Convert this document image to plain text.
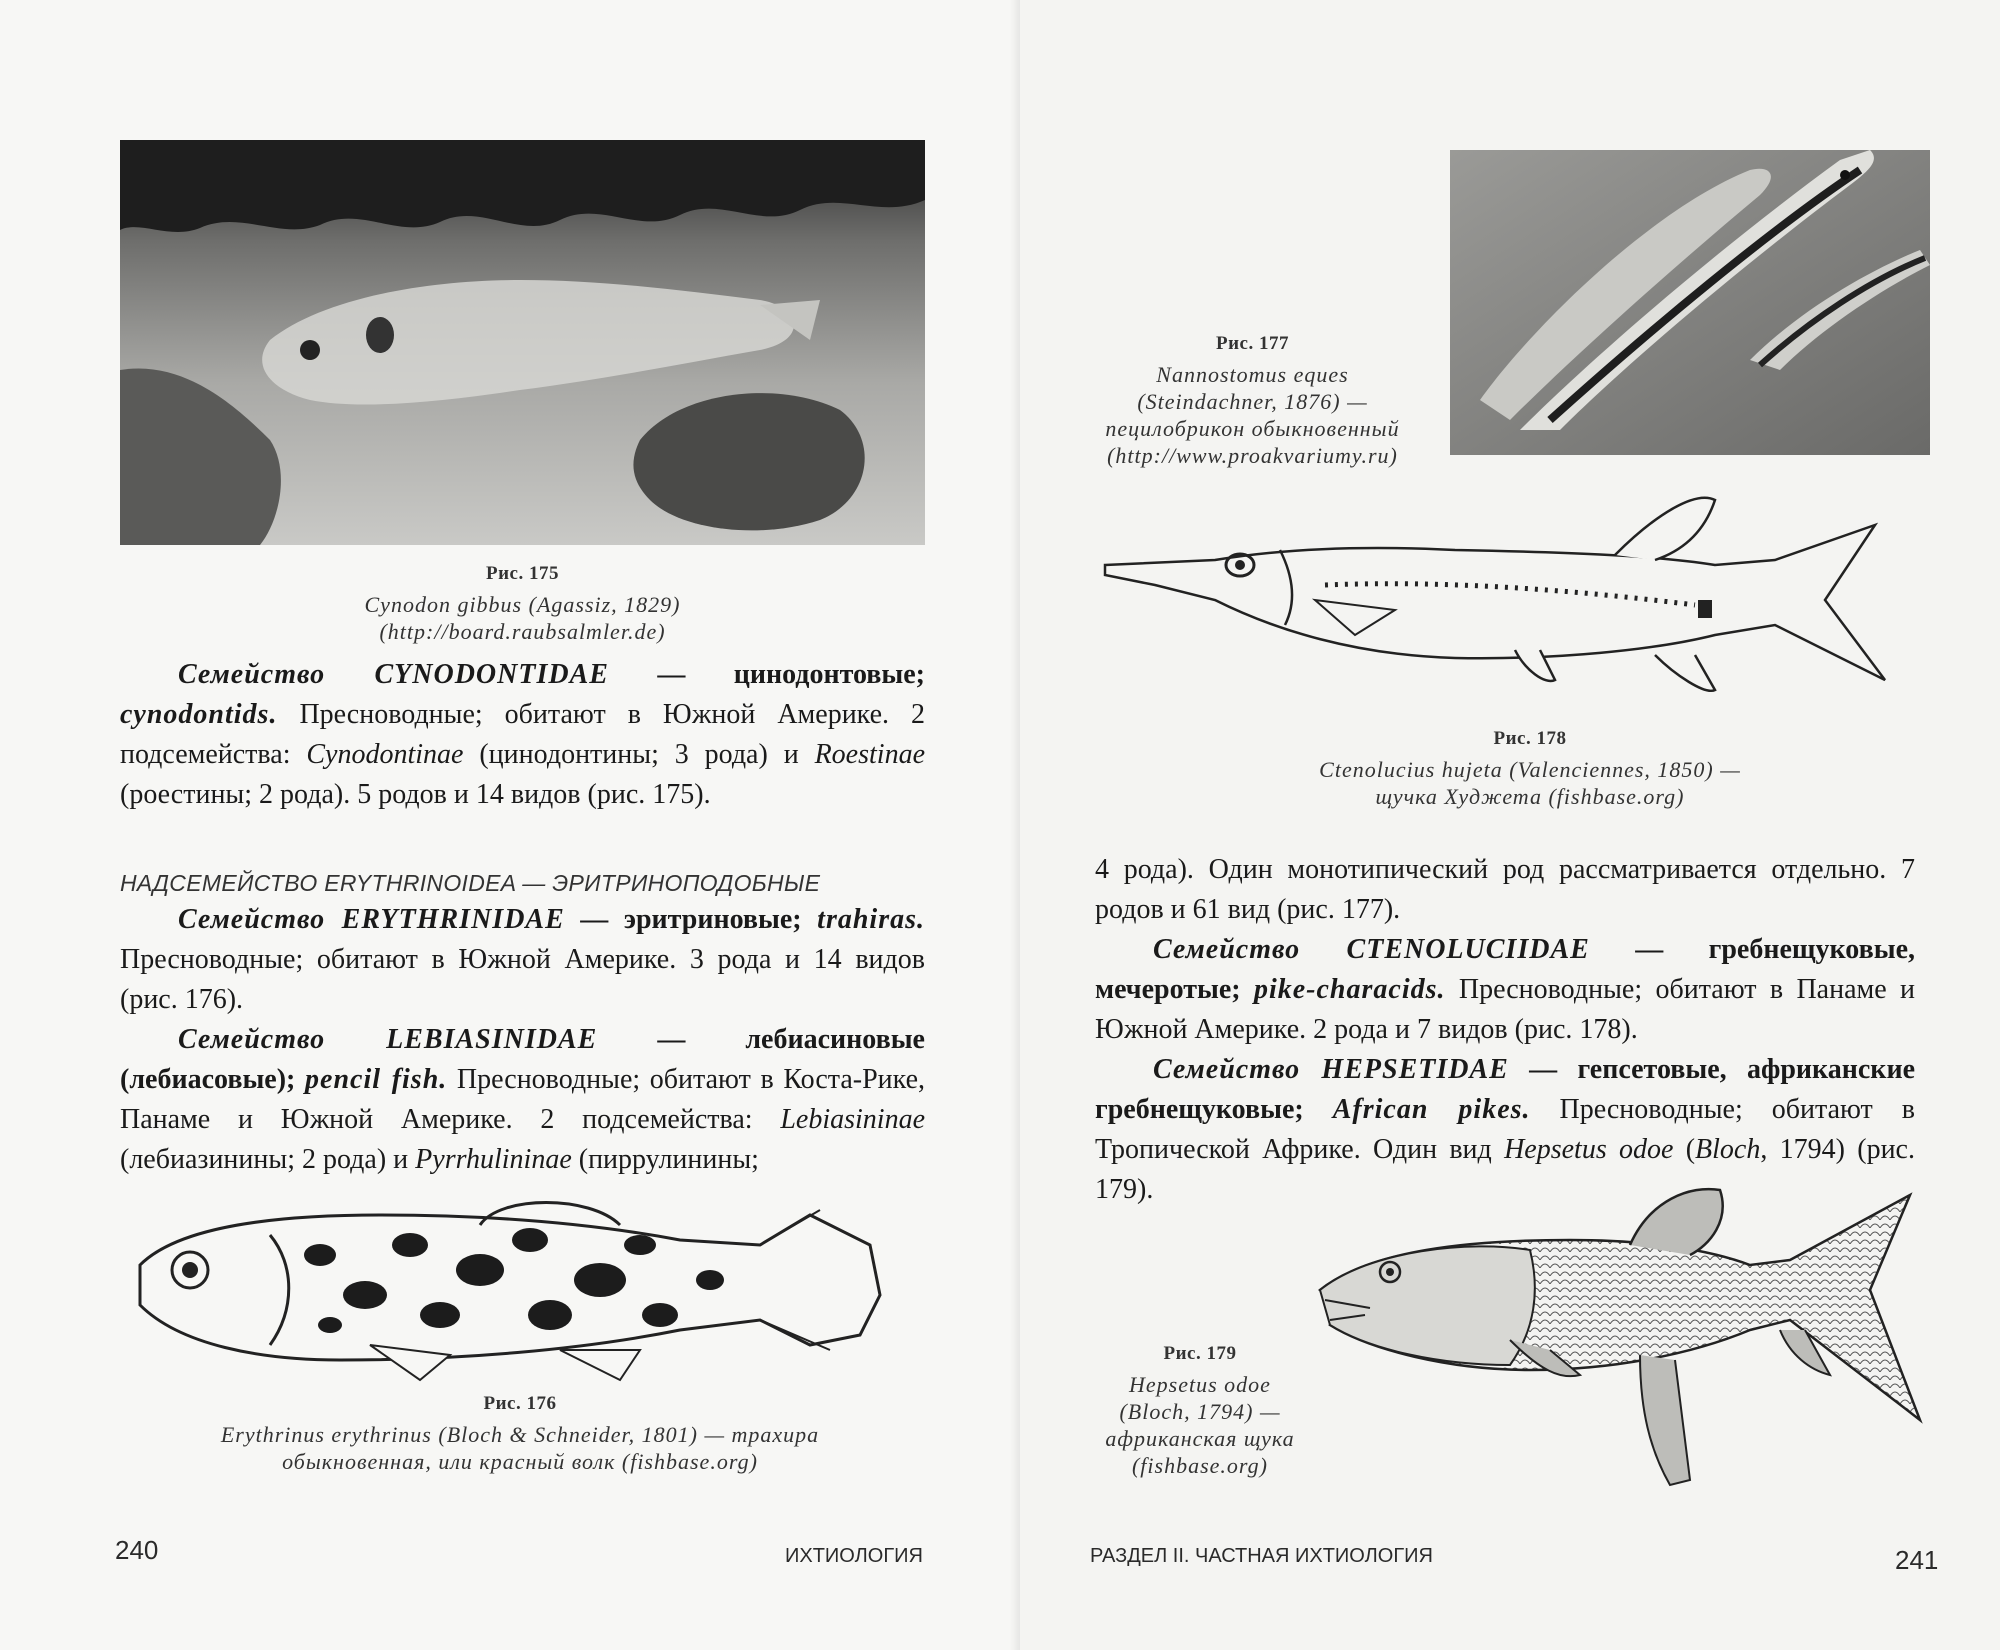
Рис. 175
Cynodon gibbus (Agassiz, 1829)
(http://board.raubsalmler.de)

Семейство CYNODONTIDAE — цинодонтовые; cynodontids. Пресноводные; обитают в Южной Америке. 2 подсемейства: Cynodontinae (цинодонтины; 3 рода) и Roestinae (роестины; 2 рода). 5 родов и 14 видов (рис. 175).

НАДСЕМЕЙСТВО ERYTHRINOIDEA — ЭРИТРИНОПОДОБНЫЕ

Семейство ERYTHRINIDAE — эритриновые; trahiras. Пресноводные; обитают в Южной Америке. 3 рода и 14 видов (рис. 176).

Семейство LEBIASINIDAE — лебиасиновые (лебиасовые); pencil fish. Пресноводные; обитают в Коста-Рике, Панаме и Южной Америке. 2 подсемейства: Lebiasininae (лебиазинины; 2 рода) и Pyrrhulininae (пиррулинины;

Рис. 176
Erythrinus erythrinus (Bloch & Schneider, 1801) — трахира
обыкновенная, или красный волк (fishbase.org)
240	ИХТИОЛОГИЯ
Рис. 177
Nannostomus eques
(Steindachner, 1876) —
пецилобрикон обыкновенный
(http://www.proakvariumy.ru)
Рис. 178
Ctenolucius hujeta (Valenciennes, 1850) —
щучка Худжета (fishbase.org)

4 рода). Один монотипический род рассматривается отдельно. 7 родов и 61 вид (рис. 177).

Семейство CTENOLUCIIDAE — гребнещуковые, мечеротые; pike-characids. Пресноводные; обитают в Панаме и Южной Америке. 2 рода и 7 видов (рис. 178).

Семейство HEPSETIDAE — гепсетовые, африканские гребнещуковые; African pikes. Пресноводные; обитают в Тропической Африке. Один вид Hepsetus odoe (Bloch, 1794) (рис. 179).

Рис. 179
Hepsetus odoe
(Bloch, 1794) —
африканская щука
(fishbase.org)
РАЗДЕЛ II. ЧАСТНАЯ ИХТИОЛОГИЯ	241
